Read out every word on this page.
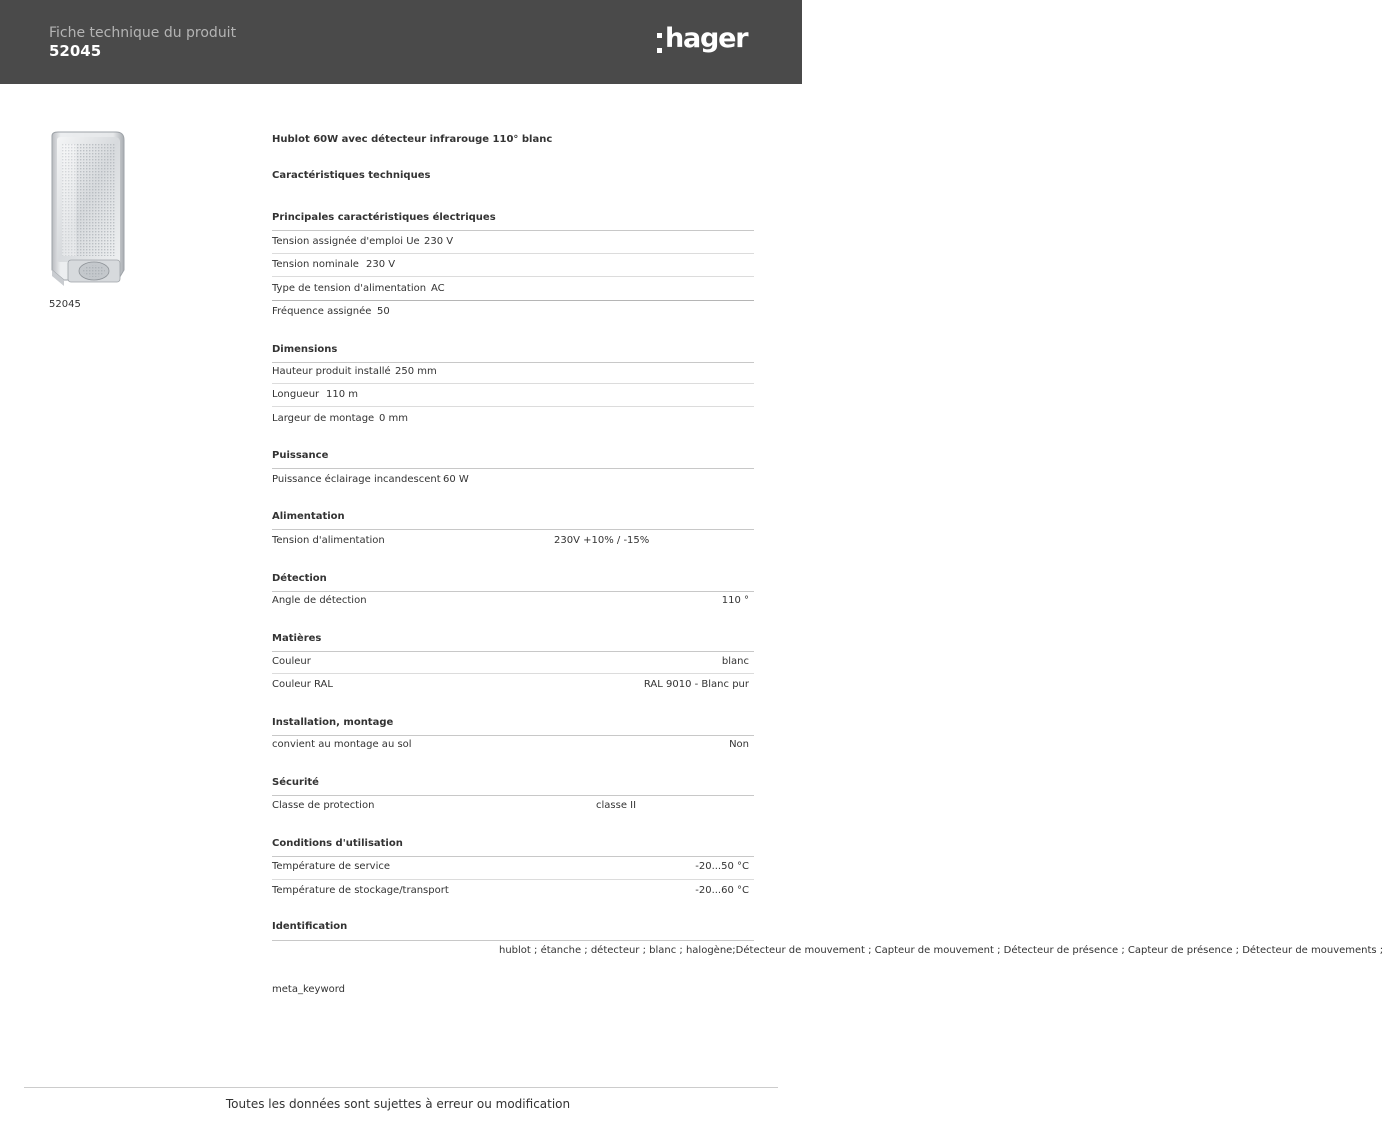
Fiche technique du produit
52045	hager
52045
Hublot 60W avec détecteur infrarouge 110° blanc
Caractéristiques techniques
Principales caractéristiques électriques
Tension assignée d'emploi Ue 230 V
Tension nominale 230 V
Type de tension d'alimentation AC
Fréquence assignée 50
Dimensions
Hauteur produit installé 250 mm
Longueur 110 m
Largeur de montage 0 mm
Puissance
Puissance éclairage incandescent 60 W
Alimentation
Tension d'alimentation	230V +10% / -15%
Détection
Angle de détection	110 °
Matières
Couleur	blanc
Couleur RAL	RAL 9010 - Blanc pur
Installation, montage
convient au montage au sol	Non
Sécurité
Classe de protection	classe II
Conditions d'utilisation
Température de service	-20...50 °C
Température de stockage/transport	-20...60 °C
Identification
meta_keyword
hublot ; étanche ; détecteur ; blanc ; halogène;Détecteur de mouvement ; Capteur de mouvement ; Détecteur de présence ; Capteur de présence ; Détecteur de mouvements ;
Toutes les données sont sujettes à erreur ou modification
